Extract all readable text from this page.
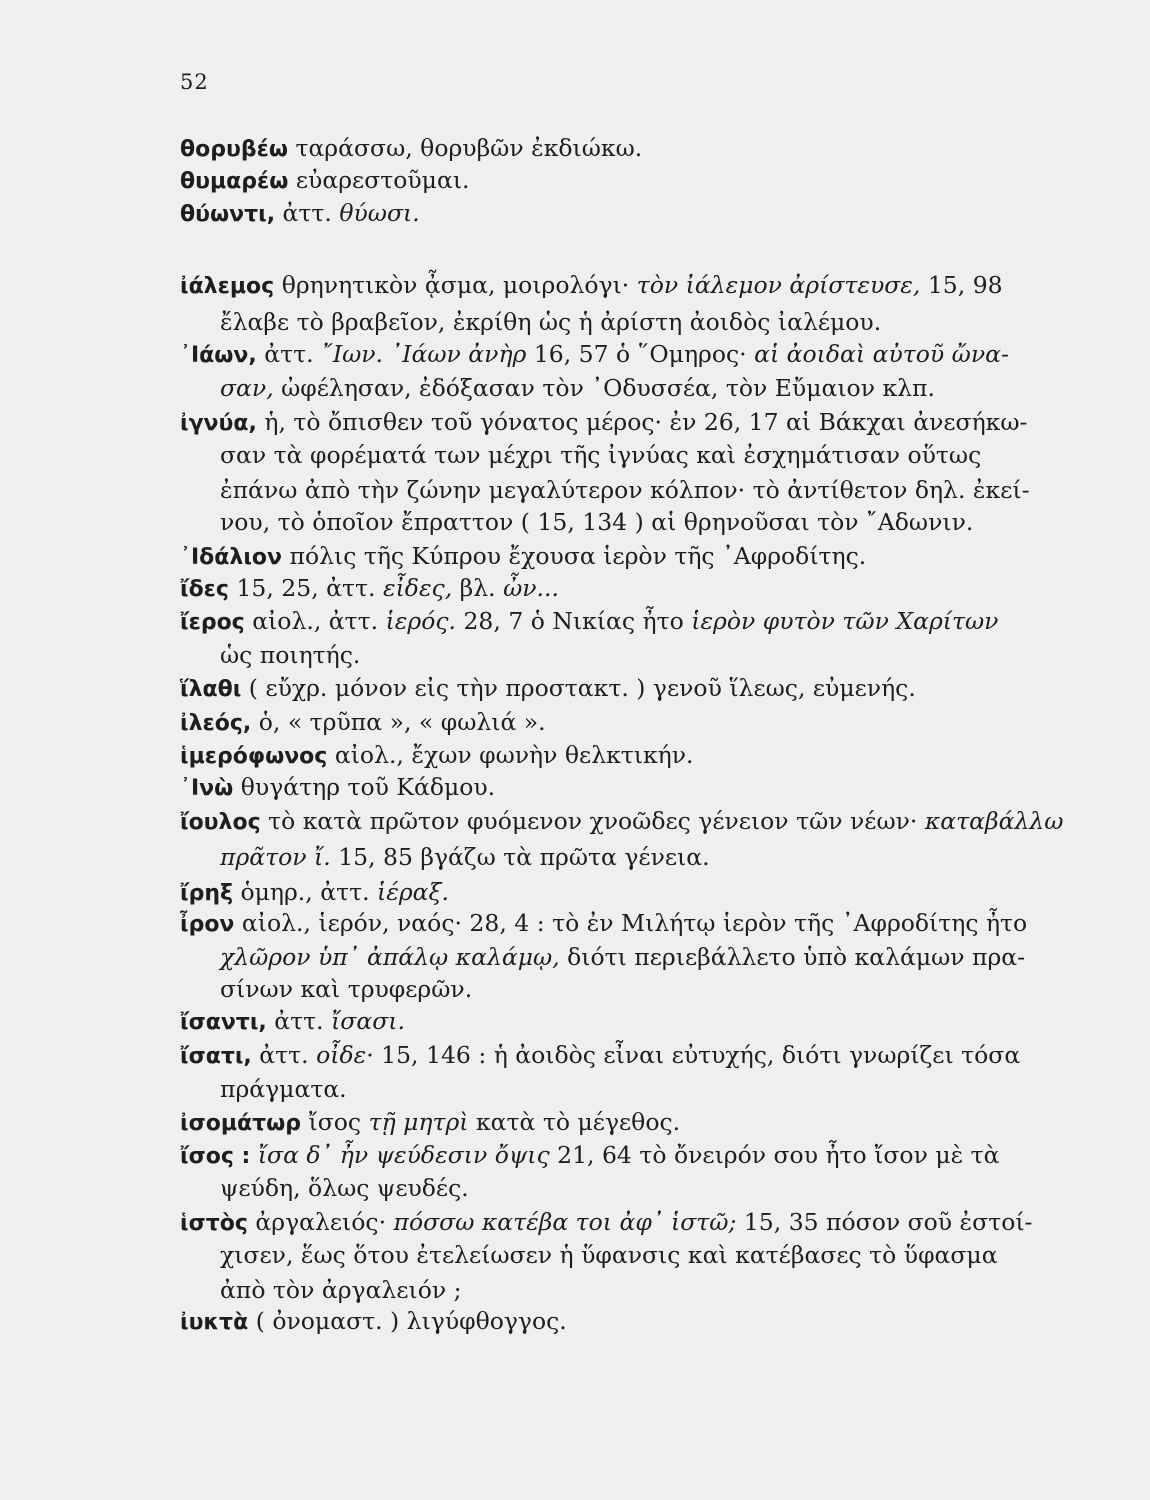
52
θορυβέω ταράσσω, θορυβῶν ἐκδιώκω.
θυμαρέω εὐαρεστοῦμαι.
θύωντι, ἀττ. θύωσι.
ἰάλεμος θρηνητικὸν ᾆσμα, μοιρολόγι· τὸν ἰάλεμον ἀρίστευσε, 15, 98
ἔλαβε τὸ βραβεῖον, ἐκρίθη ὡς ἡ ἀρίστη ἀοιδὸς ἰαλέμου.
᾿Ιάων, ἀττ. ῎Ιων. ᾿Ιάων ἀνὴρ 16, 57 ὁ ῞Ομηρος· αἱ ἀοιδαὶ αὐτοῦ ὤνα-
σαν, ὠφέλησαν, ἐδόξασαν τὸν ᾿Οδυσσέα, τὸν Εὔμαιον κλπ.
ἰγνύα, ἡ, τὸ ὄπισθεν τοῦ γόνατος μέρος· ἐν 26, 17 αἱ Βάκχαι ἀνεσήκω-
σαν τὰ φορέματά των μέχρι τῆς ἰγνύας καὶ ἐσχημάτισαν οὕτως
ἐπάνω ἀπὸ τὴν ζώνην μεγαλύτερον κόλπον· τὸ ἀντίθετον δηλ. ἐκεί-
νου, τὸ ὁποῖον ἔπραττον ( 15, 134 ) αἱ θρηνοῦσαι τὸν ῎Αδωνιν.
᾿Ιδάλιον πόλις τῆς Κύπρου ἔχουσα ἱερὸν τῆς ᾿Αφροδίτης.
ἴδες 15, 25, ἀττ. εἶδες, βλ. ὦν...
ἴερος αἰολ., ἀττ. ἱερός. 28, 7 ὁ Νικίας ἦτο ἱερὸν φυτὸν τῶν Χαρίτων
ὡς ποιητής.
ἵλαθι ( εὔχρ. μόνον εἰς τὴν προστακτ. ) γενοῦ ἵλεως, εὐμενής.
ἰλεός, ὁ, « τρῦπα », « φωλιά ».
ἱμερόφωνος αἰολ., ἔχων φωνὴν θελκτικήν.
᾿Ινὼ θυγάτηρ τοῦ Κάδμου.
ἴουλος τὸ κατὰ πρῶτον φυόμενον χνοῶδες γένειον τῶν νέων· καταβάλλω
πρᾶτον ἴ. 15, 85 βγάζω τὰ πρῶτα γένεια.
ἴρηξ ὁμηρ., ἀττ. ἱέραξ.
ἶρον αἰολ., ἱερόν, ναός· 28, 4 : τὸ ἐν Μιλήτῳ ἱερὸν τῆς ᾿Αφροδίτης ἦτο
χλῶρον ὑπ᾿ ἀπάλῳ καλάμῳ, διότι περιεβάλλετο ὑπὸ καλάμων πρα-
σίνων καὶ τρυφερῶν.
ἴσαντι, ἀττ. ἴσασι.
ἴσατι, ἀττ. οἶδε· 15, 146 : ἡ ἀοιδὸς εἶναι εὐτυχής, διότι γνωρίζει τόσα
πράγματα.
ἰσομάτωρ ἴσος τῇ μητρὶ κατὰ τὸ μέγεθος.
ἴσος : ἴσα δ᾿ ἦν ψεύδεσιν ὄψις 21, 64 τὸ ὄνειρόν σου ἦτο ἴσον μὲ τὰ
ψεύδη, ὅλως ψευδές.
ἱστὸς ἀργαλειός· πόσσω κατέβα τοι ἀφ᾿ ἱστῶ; 15, 35 πόσον σοῦ ἐστοί-
χισεν, ἕως ὅτου ἐτελείωσεν ἡ ὕφανσις καὶ κατέβασες τὸ ὕφασμα
ἀπὸ τὸν ἀργαλειόν ;
ἰυκτὰ ( ὀνομαστ. ) λιγύφθογγος.
